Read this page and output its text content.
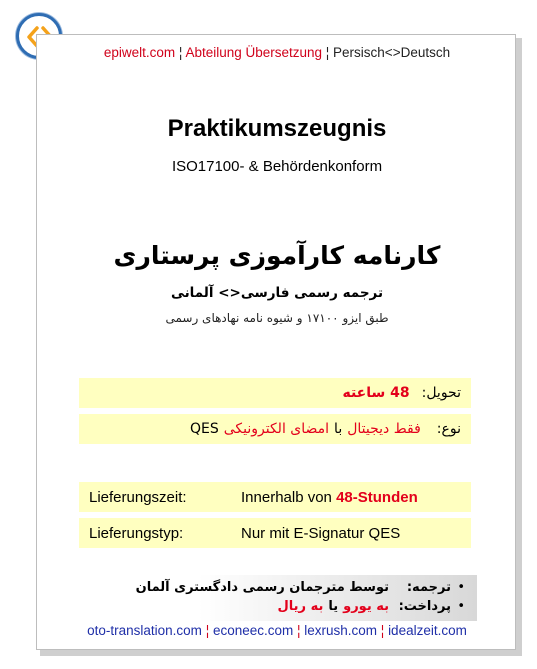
epiwelt.com ¦ Abteilung Übersetzung ¦ Persisch<>Deutsch
Praktikumszeugnis
ISO17100- & Behördenkonform
کارنامه کارآموزی پرستاری
ترجمه رسمی فارسی<> آلمانی
طبق ایزو ۱۷۱۰۰ و شیوه نامه نهادهای رسمی
تحویل:
48 ساعته
نوع:
فقط دیجیتال
با
امضای الکترونیکی
QES
Lieferungszeit:	Innerhalb von 48-Stunden
Lieferungstyp:	Nur mit E-Signatur QES
•
ترجمه:
توسط مترجمان رسمی دادگستری آلمان
•
پرداخت:
به یورو
یا
به ریال
oto-translation.com ¦ econeec.com ¦ lexrush.com ¦ idealzeit.com
